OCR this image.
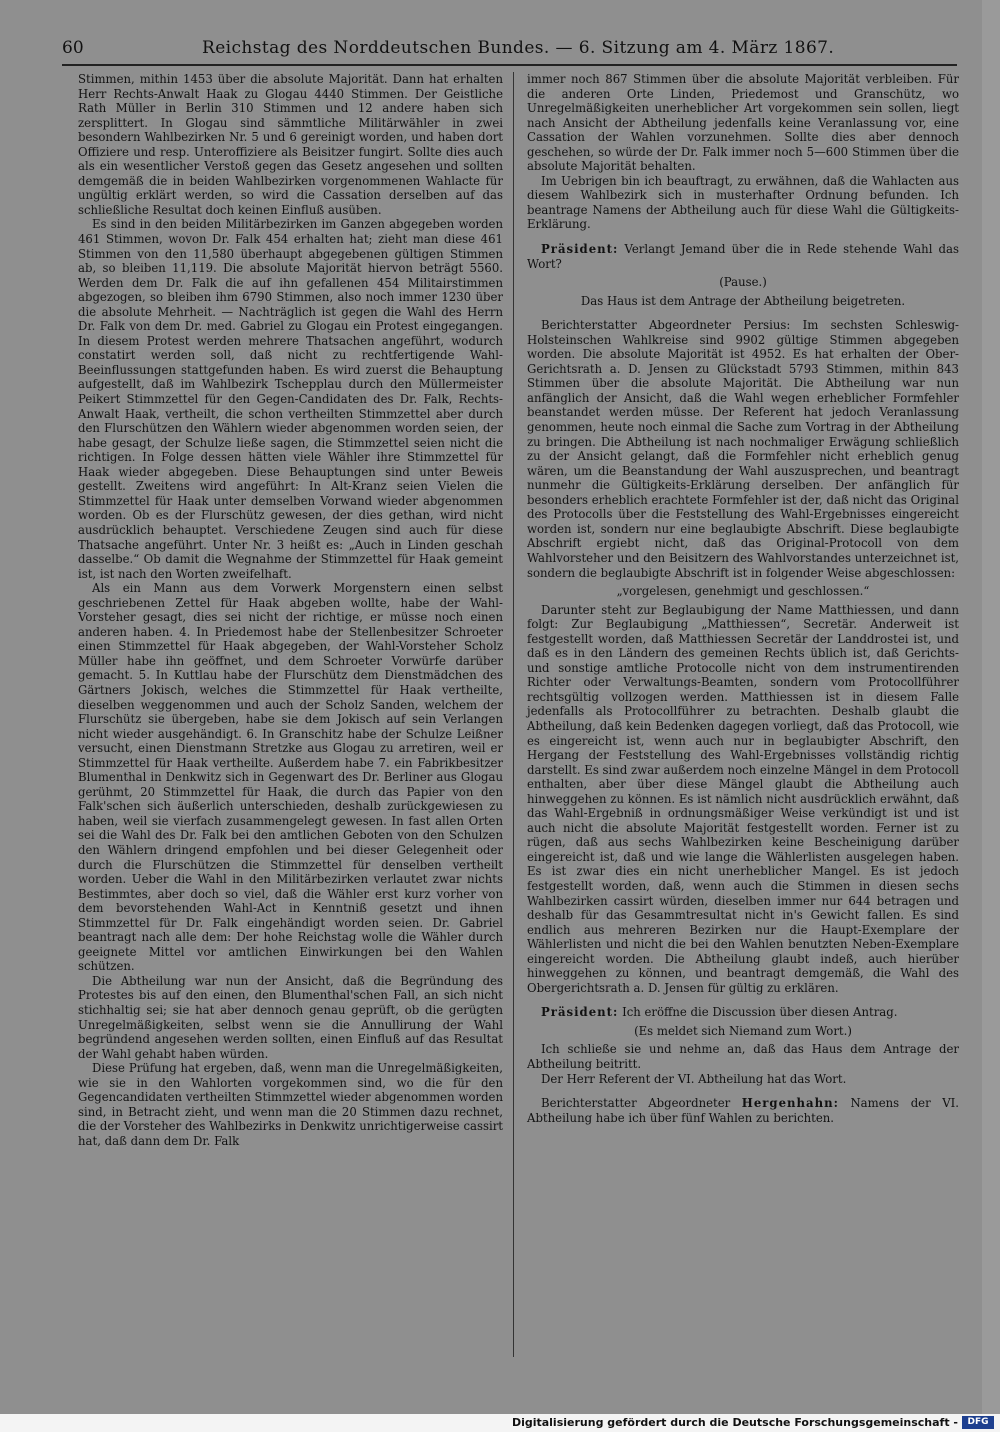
60	Reichstag des Norddeutschen Bundes. — 6. Sitzung am 4. März 1867.

Stimmen, mithin 1453 über die absolute Majorität. Dann hat erhalten Herr Rechts-Anwalt Haak zu Glogau 4440 Stimmen. Der Geistliche Rath Müller in Berlin 310 Stimmen und 12 andere haben sich zersplittert. In Glogau sind sämmtliche Militärwähler in zwei besondern Wahlbezirken Nr. 5 und 6 gereinigt worden, und haben dort Offiziere und resp. Unteroffiziere als Beisitzer fungirt. Sollte dies auch als ein wesentlicher Verstoß gegen das Gesetz angesehen und sollten demgemäß die in beiden Wahlbezirken vorgenommenen Wahlacte für ungültig erklärt werden, so wird die Cassation derselben auf das schließliche Resultat doch keinen Einfluß ausüben.

Es sind in den beiden Militärbezirken im Ganzen abgegeben worden 461 Stimmen, wovon Dr. Falk 454 erhalten hat; zieht man diese 461 Stimmen von den 11,580 überhaupt abgegebenen gültigen Stimmen ab, so bleiben 11,119. Die absolute Majorität hiervon beträgt 5560. Werden dem Dr. Falk die auf ihn gefallenen 454 Militairstimmen abgezogen, so bleiben ihm 6790 Stimmen, also noch immer 1230 über die absolute Mehrheit. — Nachträglich ist gegen die Wahl des Herrn Dr. Falk von dem Dr. med. Gabriel zu Glogau ein Protest eingegangen. In diesem Protest werden mehrere Thatsachen angeführt, wodurch constatirt werden soll, daß nicht zu rechtfertigende Wahl-Beeinflussungen stattgefunden haben. Es wird zuerst die Behauptung aufgestellt, daß im Wahlbezirk Tschepplau durch den Müllermeister Peikert Stimmzettel für den Gegen-Candidaten des Dr. Falk, Rechts-Anwalt Haak, vertheilt, die schon vertheilten Stimmzettel aber durch den Flurschützen den Wählern wieder abgenommen worden seien, der habe gesagt, der Schulze ließe sagen, die Stimmzettel seien nicht die richtigen. In Folge dessen hätten viele Wähler ihre Stimmzettel für Haak wieder abgegeben. Diese Behauptungen sind unter Beweis gestellt. Zweitens wird angeführt: In Alt-Kranz seien Vielen die Stimmzettel für Haak unter demselben Vorwand wieder abgenommen worden. Ob es der Flurschütz gewesen, der dies gethan, wird nicht ausdrücklich behauptet. Verschiedene Zeugen sind auch für diese Thatsache angeführt. Unter Nr. 3 heißt es: „Auch in Linden geschah dasselbe.“ Ob damit die Wegnahme der Stimmzettel für Haak gemeint ist, ist nach den Worten zweifelhaft.

Als ein Mann aus dem Vorwerk Morgenstern einen selbst geschriebenen Zettel für Haak abgeben wollte, habe der Wahl-Vorsteher gesagt, dies sei nicht der richtige, er müsse noch einen anderen haben. 4. In Priedemost habe der Stellenbesitzer Schroeter einen Stimmzettel für Haak abgegeben, der Wahl-Vorsteher Scholz Müller habe ihn geöffnet, und dem Schroeter Vorwürfe darüber gemacht. 5. In Kuttlau habe der Flurschütz dem Dienstmädchen des Gärtners Jokisch, welches die Stimmzettel für Haak vertheilte, dieselben weggenommen und auch der Scholz Sanden, welchem der Flurschütz sie übergeben, habe sie dem Jokisch auf sein Verlangen nicht wieder ausgehändigt. 6. In Granschitz habe der Schulze Leißner versucht, einen Dienstmann Stretzke aus Glogau zu arretiren, weil er Stimmzettel für Haak vertheilte. Außerdem habe 7. ein Fabrikbesitzer Blumenthal in Denkwitz sich in Gegenwart des Dr. Berliner aus Glogau gerühmt, 20 Stimmzettel für Haak, die durch das Papier von den Falk'schen sich äußerlich unterschieden, deshalb zurückgewiesen zu haben, weil sie vierfach zusammengelegt gewesen. In fast allen Orten sei die Wahl des Dr. Falk bei den amtlichen Geboten von den Schulzen den Wählern dringend empfohlen und bei dieser Gelegenheit oder durch die Flurschützen die Stimmzettel für denselben vertheilt worden. Ueber die Wahl in den Militärbezirken verlautet zwar nichts Bestimmtes, aber doch so viel, daß die Wähler erst kurz vorher von dem bevorstehenden Wahl-Act in Kenntniß gesetzt und ihnen Stimmzettel für Dr. Falk eingehändigt worden seien. Dr. Gabriel beantragt nach alle dem: Der hohe Reichstag wolle die Wähler durch geeignete Mittel vor amtlichen Einwirkungen bei den Wahlen schützen.

Die Abtheilung war nun der Ansicht, daß die Begründung des Protestes bis auf den einen, den Blumenthal'schen Fall, an sich nicht stichhaltig sei; sie hat aber dennoch genau geprüft, ob die gerügten Unregelmäßigkeiten, selbst wenn sie die Annullirung der Wahl begründend angesehen werden sollten, einen Einfluß auf das Resultat der Wahl gehabt haben würden.

Diese Prüfung hat ergeben, daß, wenn man die Unregelmäßigkeiten, wie sie in den Wahlorten vorgekommen sind, wo die für den Gegencandidaten vertheilten Stimmzettel wieder abgenommen worden sind, in Betracht zieht, und wenn man die 20 Stimmen dazu rechnet, die der Vorsteher des Wahlbezirks in Denkwitz unrichtigerweise cassirt hat, daß dann dem Dr. Falk

immer noch 867 Stimmen über die absolute Majorität verbleiben. Für die anderen Orte Linden, Priedemost und Granschütz, wo Unregelmäßigkeiten unerheblicher Art vorgekommen sein sollen, liegt nach Ansicht der Abtheilung jedenfalls keine Veranlassung vor, eine Cassation der Wahlen vorzunehmen. Sollte dies aber dennoch geschehen, so würde der Dr. Falk immer noch 5—600 Stimmen über die absolute Majorität behalten.

Im Uebrigen bin ich beauftragt, zu erwähnen, daß die Wahlacten aus diesem Wahlbezirk sich in musterhafter Ordnung befunden. Ich beantrage Namens der Abtheilung auch für diese Wahl die Gültigkeits-Erklärung.

Präsident: Verlangt Jemand über die in Rede stehende Wahl das Wort?

(Pause.)

Das Haus ist dem Antrage der Abtheilung beigetreten.

Berichterstatter Abgeordneter Persius: Im sechsten Schleswig-Holsteinschen Wahlkreise sind 9902 gültige Stimmen abgegeben worden. Die absolute Majorität ist 4952. Es hat erhalten der Ober-Gerichtsrath a. D. Jensen zu Glückstadt 5793 Stimmen, mithin 843 Stimmen über die absolute Majorität. Die Abtheilung war nun anfänglich der Ansicht, daß die Wahl wegen erheblicher Formfehler beanstandet werden müsse. Der Referent hat jedoch Veranlassung genommen, heute noch einmal die Sache zum Vortrag in der Abtheilung zu bringen. Die Abtheilung ist nach nochmaliger Erwägung schließlich zu der Ansicht gelangt, daß die Formfehler nicht erheblich genug wären, um die Beanstandung der Wahl auszusprechen, und beantragt nunmehr die Gültigkeits-Erklärung derselben. Der anfänglich für besonders erheblich erachtete Formfehler ist der, daß nicht das Original des Protocolls über die Feststellung des Wahl-Ergebnisses eingereicht worden ist, sondern nur eine beglaubigte Abschrift. Diese beglaubigte Abschrift ergiebt nicht, daß das Original-Protocoll von dem Wahlvorsteher und den Beisitzern des Wahlvorstandes unterzeichnet ist, sondern die beglaubigte Abschrift ist in folgender Weise abgeschlossen:

„vorgelesen, genehmigt und geschlossen.“

Darunter steht zur Beglaubigung der Name Matthiessen, und dann folgt: Zur Beglaubigung „Matthiessen“, Secretär. Anderweit ist festgestellt worden, daß Matthiessen Secretär der Landdrostei ist, und daß es in den Ländern des gemeinen Rechts üblich ist, daß Gerichts- und sonstige amtliche Protocolle nicht von dem instrumentirenden Richter oder Verwaltungs-Beamten, sondern vom Protocollführer rechtsgültig vollzogen werden. Matthiessen ist in diesem Falle jedenfalls als Protocollführer zu betrachten. Deshalb glaubt die Abtheilung, daß kein Bedenken dagegen vorliegt, daß das Protocoll, wie es eingereicht ist, wenn auch nur in beglaubigter Abschrift, den Hergang der Feststellung des Wahl-Ergebnisses vollständig richtig darstellt. Es sind zwar außerdem noch einzelne Mängel in dem Protocoll enthalten, aber über diese Mängel glaubt die Abtheilung auch hinweggehen zu können. Es ist nämlich nicht ausdrücklich erwähnt, daß das Wahl-Ergebniß in ordnungsmäßiger Weise verkündigt ist und ist auch nicht die absolute Majorität festgestellt worden. Ferner ist zu rügen, daß aus sechs Wahlbezirken keine Bescheinigung darüber eingereicht ist, daß und wie lange die Wählerlisten ausgelegen haben. Es ist zwar dies ein nicht unerheblicher Mangel. Es ist jedoch festgestellt worden, daß, wenn auch die Stimmen in diesen sechs Wahlbezirken cassirt würden, dieselben immer nur 644 betragen und deshalb für das Gesammtresultat nicht in's Gewicht fallen. Es sind endlich aus mehreren Bezirken nur die Haupt-Exemplare der Wählerlisten und nicht die bei den Wahlen benutzten Neben-Exemplare eingereicht worden. Die Abtheilung glaubt indeß, auch hierüber hinweggehen zu können, und beantragt demgemäß, die Wahl des Obergerichtsrath a. D. Jensen für gültig zu erklären.

Präsident: Ich eröffne die Discussion über diesen Antrag.

(Es meldet sich Niemand zum Wort.)

Ich schließe sie und nehme an, daß das Haus dem Antrage der Abtheilung beitritt.

Der Herr Referent der VI. Abtheilung hat das Wort.

Berichterstatter Abgeordneter Hergenhahn: Namens der VI. Abtheilung habe ich über fünf Wahlen zu berichten.

Digitalisierung gefördert durch die Deutsche Forschungsgemeinschaft -	DFG
